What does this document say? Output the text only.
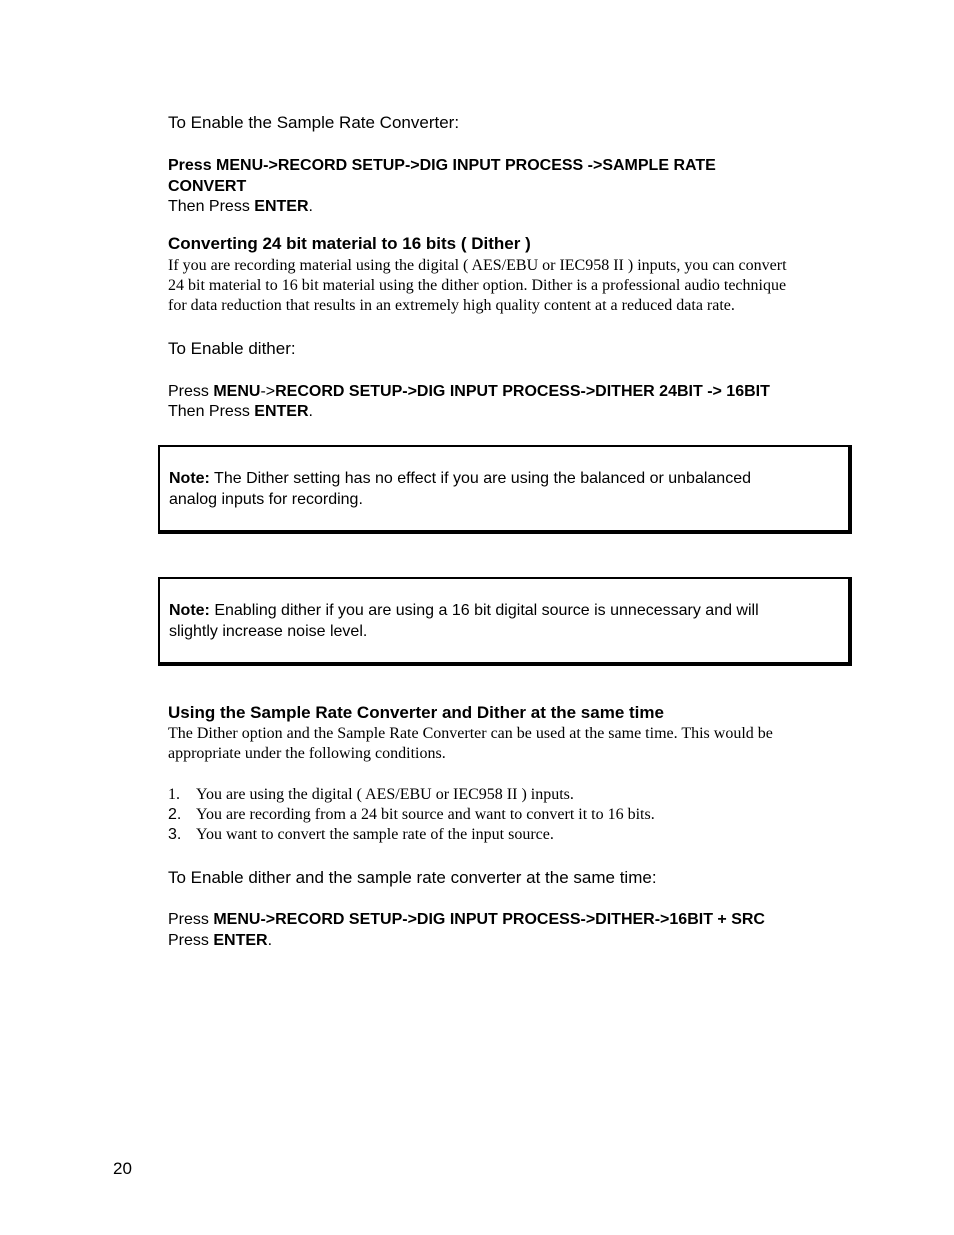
To Enable the Sample Rate Converter:
Press MENU->RECORD SETUP->DIG INPUT PROCESS ->SAMPLE RATE
CONVERT
Then Press ENTER.
Converting 24 bit material to 16 bits ( Dither )
If you are recording material using the digital ( AES/EBU or IEC958 II ) inputs, you can convert
24 bit material to 16 bit material using the dither option. Dither is a professional audio technique
for data reduction that results in an extremely high quality content at a reduced data rate.
To Enable dither:
Press MENU->RECORD SETUP->DIG INPUT PROCESS->DITHER 24BIT -> 16BIT
Then Press ENTER.
Note: The Dither setting has no effect if you are using the balanced or unbalanced
analog inputs for recording.
Note: Enabling dither if you are using a 16 bit digital source is unnecessary and will
slightly increase noise level.
Using the Sample Rate Converter and Dither at the same time
The Dither option and the Sample Rate Converter can be used at the same time. This would be
appropriate under the following conditions.
1. You are using the digital ( AES/EBU or IEC958 II ) inputs.
2. You are recording from a 24 bit source and want to convert it to 16 bits.
3. You want to convert the sample rate of the input source.
To Enable dither and the sample rate converter at the same time:
Press MENU->RECORD SETUP->DIG INPUT PROCESS->DITHER->16BIT + SRC
Press ENTER.
20
